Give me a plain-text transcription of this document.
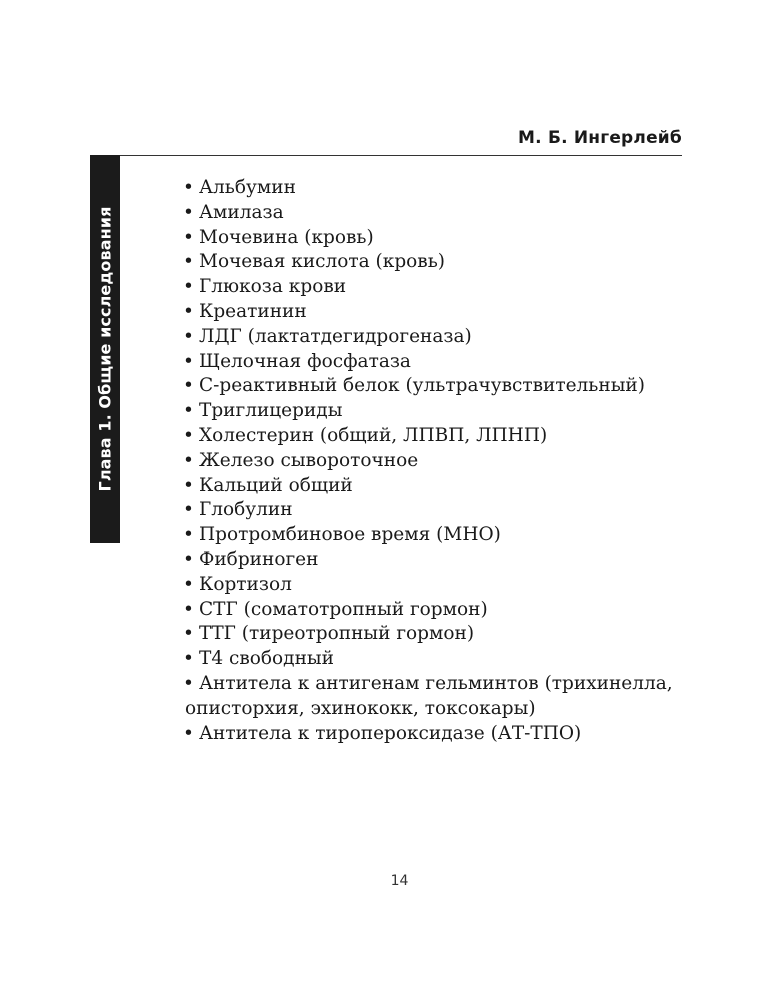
М. Б. Ингерлейб
Глава 1. Общие исследования
• Альбумин
• Амилаза
• Мочевина (кровь)
• Мочевая кислота (кровь)
• Глюкоза крови
• Креатинин
• ЛДГ (лактатдегидрогеназа)
• Щелочная фосфатаза
• С-реактивный белок (ультрачувствительный)
• Триглицериды
• Холестерин (общий, ЛПВП, ЛПНП)
• Железо сывороточное
• Кальций общий
• Глобулин
• Протромбиновое время (МНО)
• Фибриноген
• Кортизол
• СТГ (соматотропный гормон)
• ТТГ (тиреотропный гормон)
• Т4 свободный
• Антитела к антигенам гельминтов (трихинелла,
описторхия, эхинококк, токсокары)
• Антитела к тиропероксидазе (АТ-ТПО)
14
